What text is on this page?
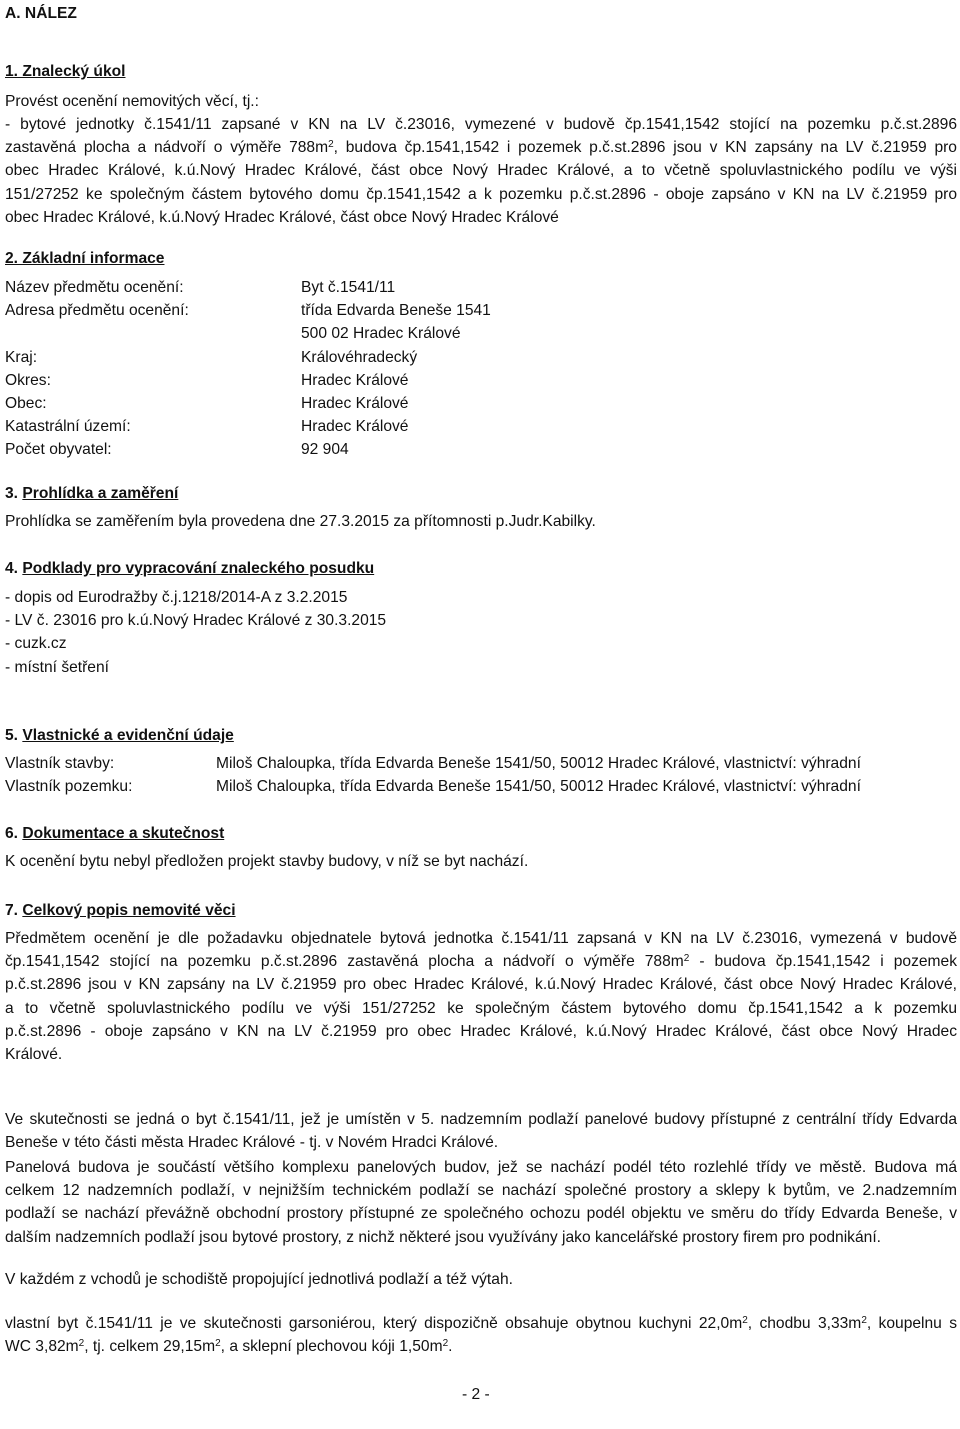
A. NÁLEZ
1. Znalecký úkol
Provést ocenění nemovitých věcí, tj.:
- bytové jednotky č.1541/11 zapsané v KN na LV č.23016, vymezené v budově čp.1541,1542 stojící na pozemku p.č.st.2896
zastavěná plocha a nádvoří o výměře $788m^2$, budova čp.1541,1542 i pozemek p.č.st.2896 jsou v KN zapsány na LV č.21959 pro
obec Hradec Králové, k.ú.Nový Hradec Králové, část obce Nový Hradec Králové, a to včetně spoluvlastnického podílu ve výši
151/27252 ke společným částem bytového domu čp.1541,1542 a k pozemku p.č.st.2896 - oboje zapsáno v KN na LV č.21959 pro
obec Hradec Králové, k.ú.Nový Hradec Králové, část obce Nový Hradec Králové
2. Základní informace
Název předmětu ocenění:	Byt č.1541/11
Adresa předmětu ocenění:	třída Edvarda Beneše 1541
500 02 Hradec Králové
Kraj:	Královéhradecký
Okres:	Hradec Králové
Obec:	Hradec Králové
Katastrální území:	Hradec Králové
Počet obyvatel:	92 904
3. Prohlídka a zaměření
Prohlídka se zaměřením byla provedena dne 27.3.2015 za přítomnosti p.Judr.Kabilky.
4. Podklady pro vypracování znaleckého posudku
- dopis od Eurodražby č.j.1218/2014-A z 3.2.2015
- LV č. 23016 pro k.ú.Nový Hradec Králové z 30.3.2015
- cuzk.cz
- místní šetření
5. Vlastnické a evidenční údaje
Vlastník stavby:	Miloš Chaloupka, třída Edvarda Beneše 1541/50, 50012 Hradec Králové, vlastnictví: výhradní
Vlastník pozemku:	Miloš Chaloupka, třída Edvarda Beneše 1541/50, 50012 Hradec Králové, vlastnictví: výhradní
6. Dokumentace a skutečnost
K ocenění bytu nebyl předložen projekt stavby budovy, v níž se byt nachází.
7. Celkový popis nemovité věci
Předmětem ocenění je dle požadavku objednatele bytová jednotka č.1541/11 zapsaná v KN na LV č.23016, vymezená v budově
čp.1541,1542 stojící na pozemku p.č.st.2896 zastavěná plocha a nádvoří o výměře $788m^2$ - budova čp.1541,1542 i pozemek
p.č.st.2896 jsou v KN zapsány na LV č.21959 pro obec Hradec Králové, k.ú.Nový Hradec Králové, část obce Nový Hradec Králové,
a to včetně spoluvlastnického podílu ve výši 151/27252 ke společným částem bytového domu čp.1541,1542 a k pozemku
p.č.st.2896 - oboje zapsáno v KN na LV č.21959 pro obec Hradec Králové, k.ú.Nový Hradec Králové, část obce Nový Hradec
Králové.
Ve skutečnosti se jedná o byt č.1541/11, jež je umístěn v 5. nadzemním podlaží panelové budovy přístupné z centrální třídy Edvarda
Beneše v této části města Hradec Králové - tj. v Novém Hradci Králové.
Panelová budova je součástí většího komplexu panelových budov, jež se nachází podél této rozlehlé třídy ve městě. Budova má
celkem 12 nadzemních podlaží, v nejnižším technickém podlaží se nachází společné prostory a sklepy k bytům, ve 2.nadzemním
podlaží se nachází převážně obchodní prostory přístupné ze společného ochozu podél objektu ve směru do třídy Edvarda Beneše, v
dalším nadzemních podlaží jsou bytové prostory, z nichž některé jsou využívány jako kancelářské prostory firem pro podnikání.
V každém z vchodů je schodiště propojující jednotlivá podlaží a též výtah.
vlastní byt č.1541/11 je ve skutečnosti garsoniérou, který dispozičně obsahuje obytnou kuchyni $22,0m^2$, chodbu $3,33m^2$, koupelnu s
WC $3,82m^2$, tj. celkem $29,15m^2$, a sklepní plechovou kóji $1,50m^2$.
- 2 -
